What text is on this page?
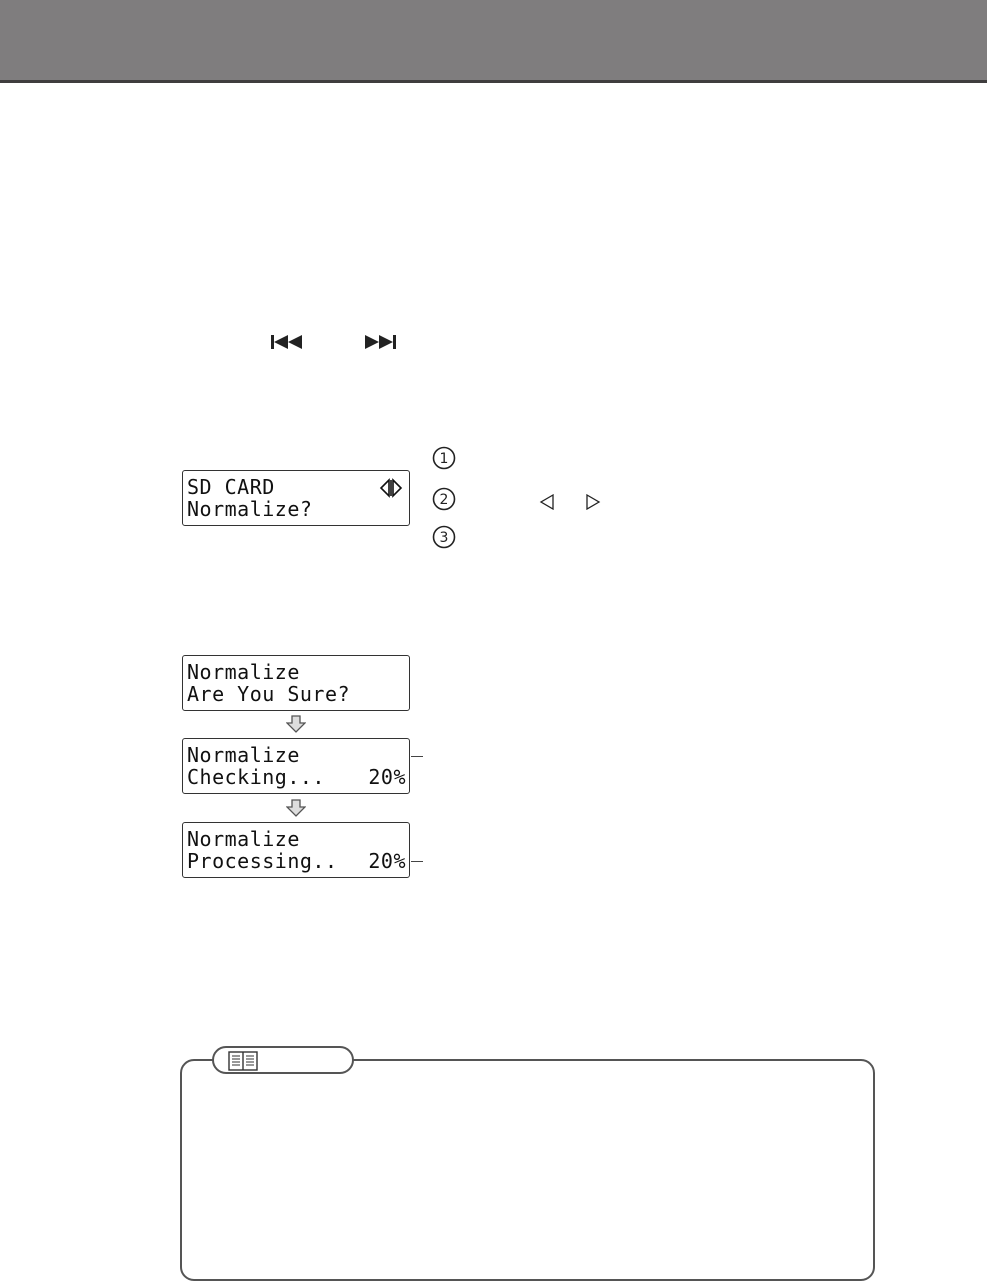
SD CARD
Normalize?
1
2
3
Normalize
Are You Sure?
Normalize
Checking...	20%
Normalize
Processing..	20%
